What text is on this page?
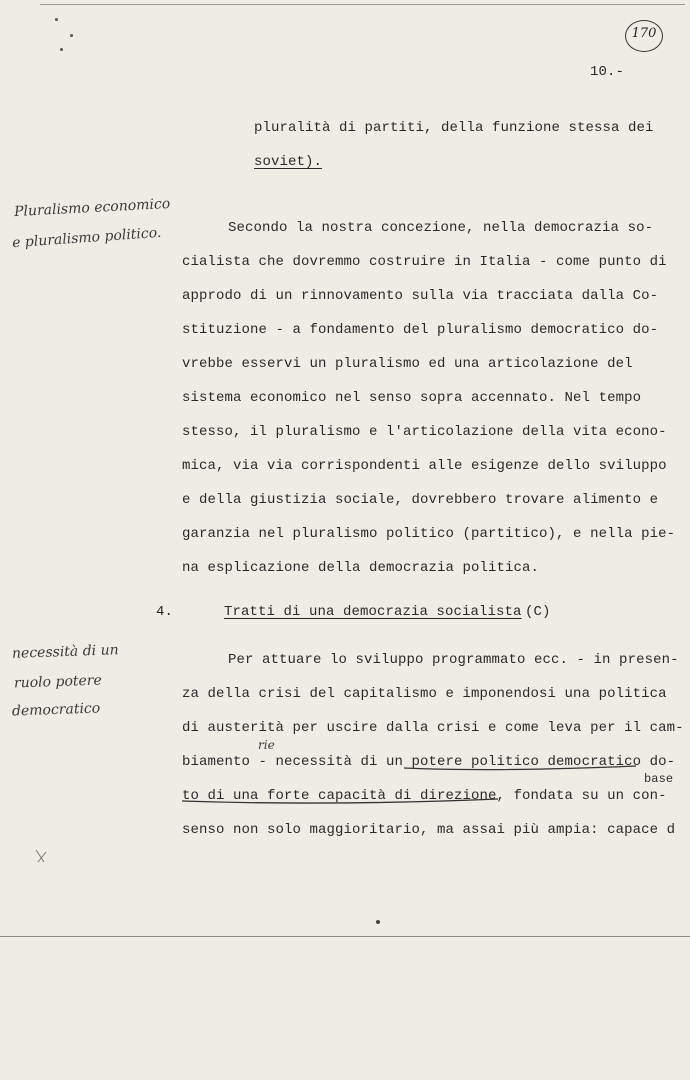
170
10.-
pluralità di partiti, della funzione stessa dei
soviet).
Pluralismo economico
e pluralismo politico.	Secondo la nostra concezione, nella democrazia so-
cialista che dovremmo costruire in Italia - come punto di
approdo di un rinnovamento sulla via tracciata dalla Co-
stituzione - a fondamento del pluralismo democratico do-
vrebbe esservi un pluralismo ed una articolazione del
sistema economico nel senso sopra accennato. Nel tempo
stesso, il pluralismo e l'articolazione della vita econo-
mica, via via corrispondenti alle esigenze dello sviluppo
e della giustizia sociale, dovrebbero trovare alimento e
garanzia nel pluralismo politico (partitico), e nella pie-
na esplicazione della democrazia politica.
4.	Tratti di una democrazia socialista (C)
necessità di un
ruolo potere
democratico
Per attuare lo sviluppo programmato ecc. - in presen-
za della crisi del capitalismo e imponendosi una politica
di austerità per uscire dalla crisi e come leva per il cam-
rie
biamento - necessità di un potere politico democratico do-
base
to di una forte capacità di direzione, fondata su un con-
senso non solo maggioritario, ma assai più ampia: capace d
